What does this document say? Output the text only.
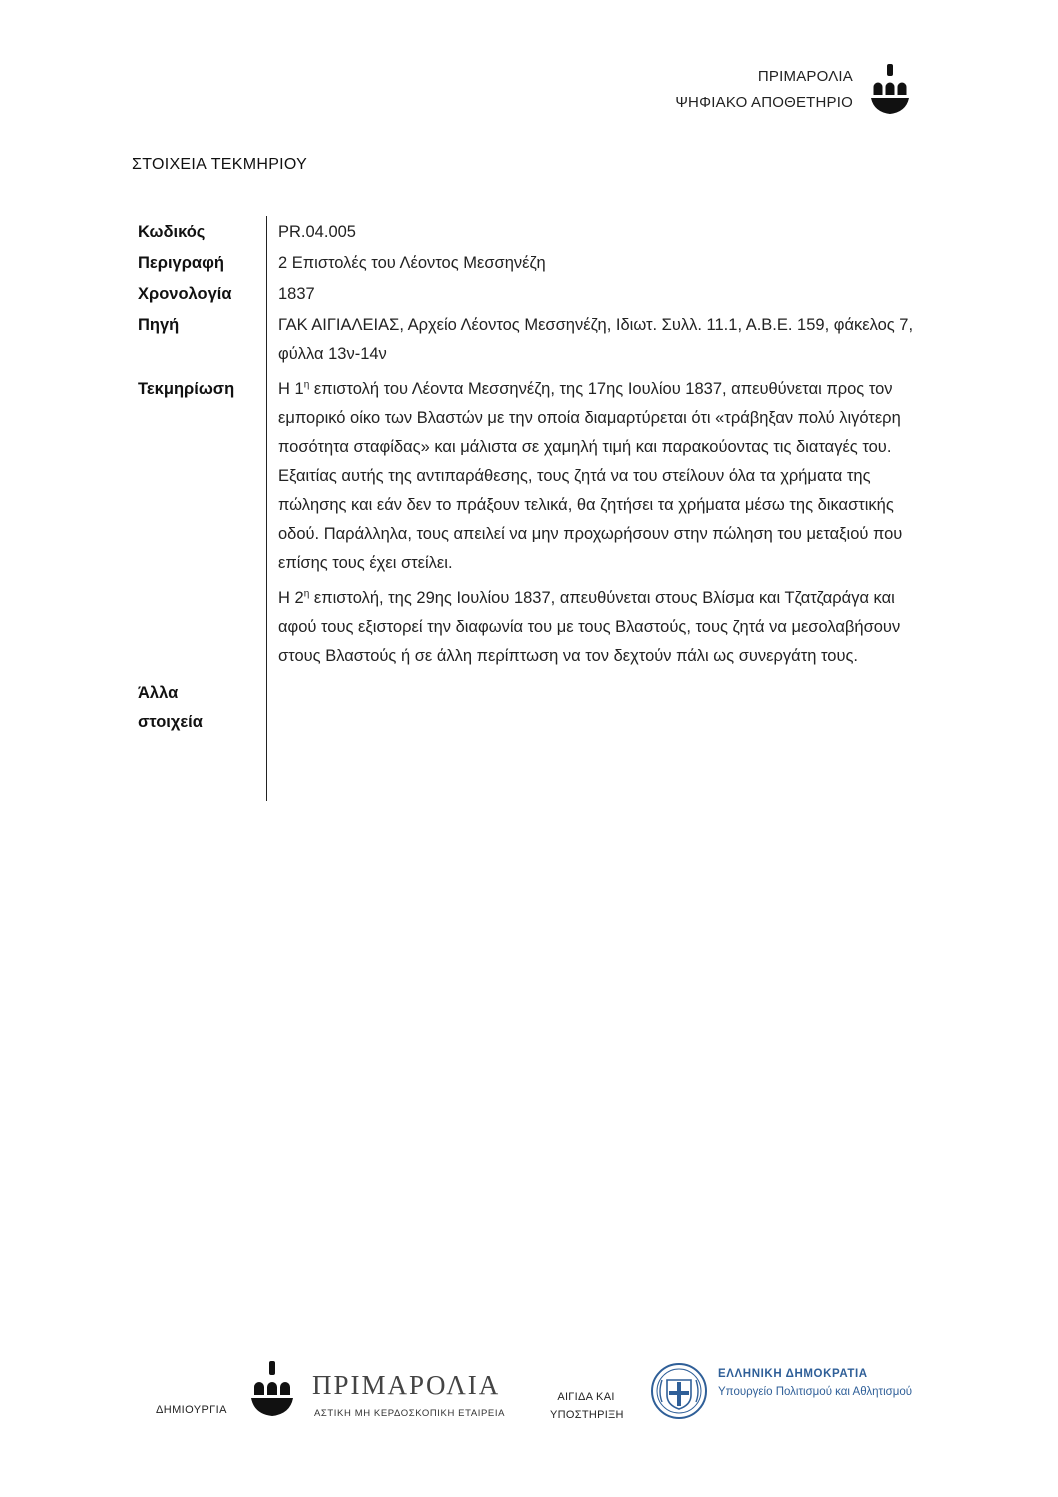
ΠΡΙΜΑΡΟΛΙΑ
ΨΗΦΙΑΚΟ ΑΠΟΘΕΤΗΡΙΟ
ΣΤΟΙΧΕΙΑ ΤΕΚΜΗΡΙΟΥ
Κωδικός	PR.04.005
Περιγραφή	2 Επιστολές του Λέοντος Μεσσηνέζη
Χρονολογία	1837
Πηγή	ΓΑΚ ΑΙΓΙΑΛΕΙΑΣ, Αρχείο Λέοντος Μεσσηνέζη, Ιδιωτ. Συλλ. 11.1, Α.Β.Ε. 159, φάκελος 7, φύλλα 13ν-14ν
Τεκμηρίωση	Η $1^\eta$ επιστολή του Λέοντα Μεσσηνέζη, της 17ης Ιουλίου 1837, απευθύνεται προς τον εμπορικό οίκο των Βλαστών με την οποία διαμαρτύρεται ότι «τράβηξαν πολύ λιγότερη ποσότητα σταφίδας» και μάλιστα σε χαμηλή τιμή και παρακούοντας τις διαταγές του. Εξαιτίας αυτής της αντιπαράθεσης, τους ζητά να του στείλουν όλα τα χρήματα της πώλησης και εάν δεν το πράξουν τελικά, θα ζητήσει τα χρήματα μέσω της δικαστικής οδού. Παράλληλα, τους απειλεί να μην προχωρήσουν στην πώληση του μεταξιού που επίσης τους έχει στείλει.

Η $2^\eta$ επιστολή, της 29ης Ιουλίου 1837, απευθύνεται στους Βλίσμα και Τζατζαράγα και αφού τους εξιστορεί την διαφωνία του με τους Βλαστούς, τους ζητά να μεσολαβήσουν στους Βλαστούς ή σε άλλη περίπτωση να τον δεχτούν πάλι ως συνεργάτη τους.

Άλλα
στοιχεία
ΔΗΜΙΟΥΡΓΙΑ
ΠΡΙΜΑΡΟΛΙΑ
ΑΣΤΙΚΗ ΜΗ ΚΕΡΔΟΣΚΟΠΙΚΗ ΕΤΑΙΡΕΙΑ
ΑΙΓΙΔΑ ΚΑΙ
ΥΠΟΣΤΗΡΙΞΗ
ΕΛΛΗΝΙΚΗ ΔΗΜΟΚΡΑΤΙΑ
Υπουργείο Πολιτισμού και Αθλητισμού
